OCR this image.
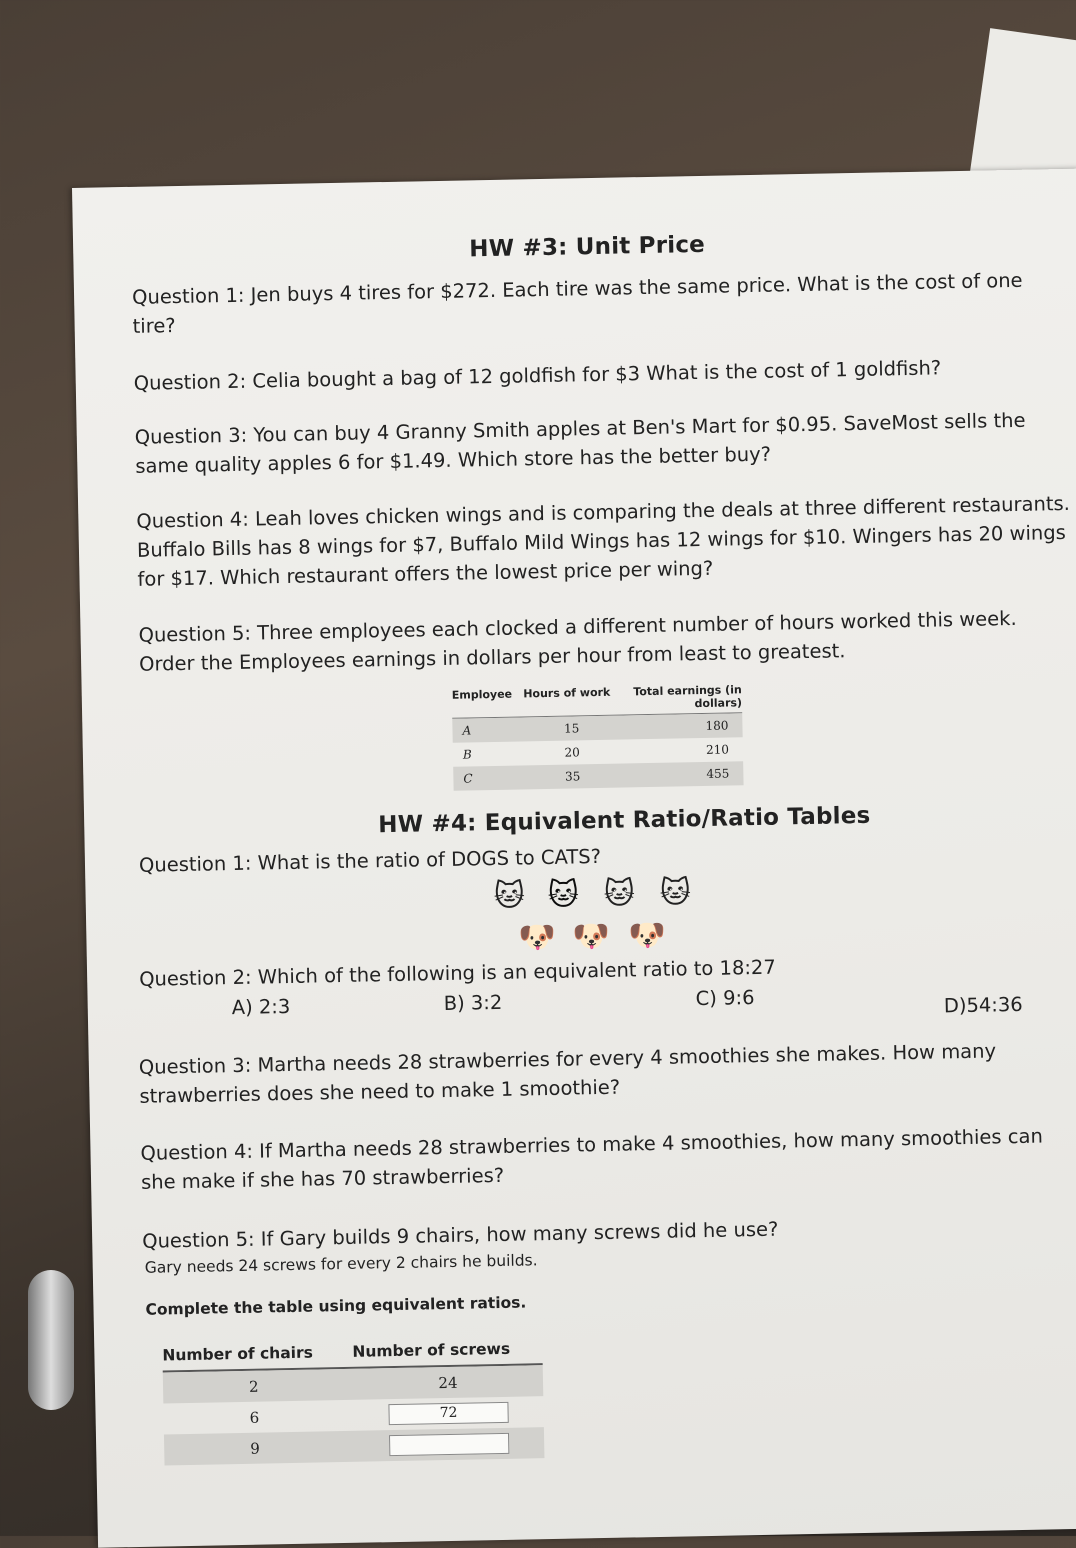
HW #3: Unit Price
Question 1: Jen buys 4 tires for $272. Each tire was the same price. What is the cost of one tire?
Question 2: Celia bought a bag of 12 goldfish for $3 What is the cost of 1 goldfish?
Question 3: You can buy 4 Granny Smith apples at Ben's Mart for $0.95. SaveMost sells the same quality apples 6 for $1.49. Which store has the better buy?
Question 4: Leah loves chicken wings and is comparing the deals at three different restaurants. Buffalo Bills has 8 wings for $7, Buffalo Mild Wings has 12 wings for $10. Wingers has 20 wings for $17. Which restaurant offers the lowest price per wing?
Question 5: Three employees each clocked a different number of hours worked this week. Order the Employees earnings in dollars per hour from least to greatest.
Employee Hours of work	Total earnings (in dollars)
A	15	180
B	20	210
C	35	455
HW #4: Equivalent Ratio/Ratio Tables
Question 1: What is the ratio of DOGS to CATS?
🐱 🐱 🐱 🐱
🐶 🐶 🐶
Question 2: Which of the following is an equivalent ratio to 18:27
A) 2:3	B) 3:2	C) 9:6	D)54:36
Question 3: Martha needs 28 strawberries for every 4 smoothies she makes. How many strawberries does she need to make 1 smoothie?
Question 4: If Martha needs 28 strawberries to make 4 smoothies, how many smoothies can she make if she has 70 strawberries?
Question 5: If Gary builds 9 chairs, how many screws did he use?
Gary needs 24 screws for every 2 chairs he builds.
Complete the table using equivalent ratios.
Number of chairs	Number of screws
2	24
6	72
9
